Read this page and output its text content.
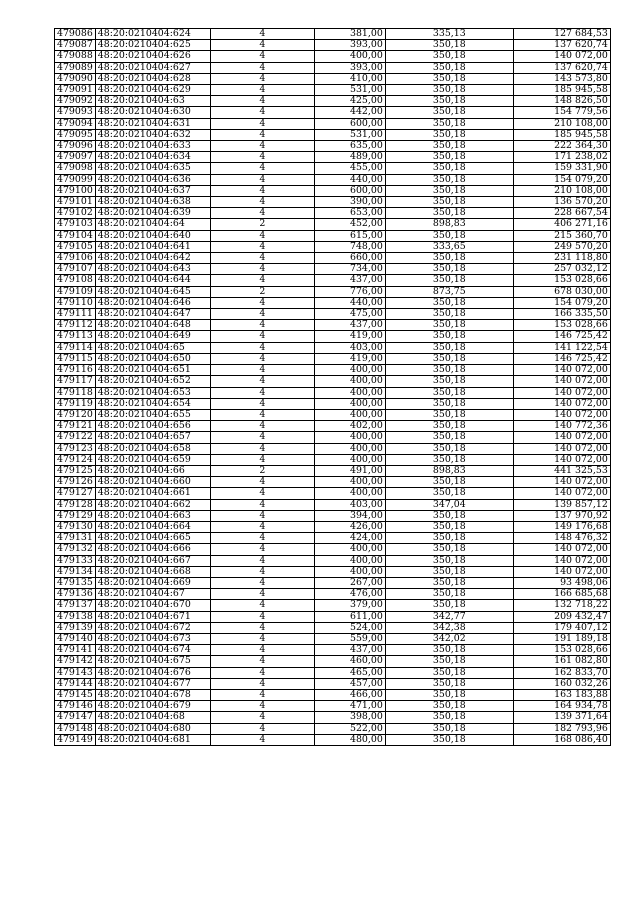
479086	48:20:0210404:624	4	381,00	335,13	127 684,53
479087	48:20:0210404:625	4	393,00	350,18	137 620,74
479088	48:20:0210404:626	4	400,00	350,18	140 072,00
479089	48:20:0210404:627	4	393,00	350,18	137 620,74
479090	48:20:0210404:628	4	410,00	350,18	143 573,80
479091	48:20:0210404:629	4	531,00	350,18	185 945,58
479092	48:20:0210404:63	4	425,00	350,18	148 826,50
479093	48:20:0210404:630	4	442,00	350,18	154 779,56
479094	48:20:0210404:631	4	600,00	350,18	210 108,00
479095	48:20:0210404:632	4	531,00	350,18	185 945,58
479096	48:20:0210404:633	4	635,00	350,18	222 364,30
479097	48:20:0210404:634	4	489,00	350,18	171 238,02
479098	48:20:0210404:635	4	455,00	350,18	159 331,90
479099	48:20:0210404:636	4	440,00	350,18	154 079,20
479100	48:20:0210404:637	4	600,00	350,18	210 108,00
479101	48:20:0210404:638	4	390,00	350,18	136 570,20
479102	48:20:0210404:639	4	653,00	350,18	228 667,54
479103	48:20:0210404:64	2	452,00	898,83	406 271,16
479104	48:20:0210404:640	4	615,00	350,18	215 360,70
479105	48:20:0210404:641	4	748,00	333,65	249 570,20
479106	48:20:0210404:642	4	660,00	350,18	231 118,80
479107	48:20:0210404:643	4	734,00	350,18	257 032,12
479108	48:20:0210404:644	4	437,00	350,18	153 028,66
479109	48:20:0210404:645	2	776,00	873,75	678 030,00
479110	48:20:0210404:646	4	440,00	350,18	154 079,20
479111	48:20:0210404:647	4	475,00	350,18	166 335,50
479112	48:20:0210404:648	4	437,00	350,18	153 028,66
479113	48:20:0210404:649	4	419,00	350,18	146 725,42
479114	48:20:0210404:65	4	403,00	350,18	141 122,54
479115	48:20:0210404:650	4	419,00	350,18	146 725,42
479116	48:20:0210404:651	4	400,00	350,18	140 072,00
479117	48:20:0210404:652	4	400,00	350,18	140 072,00
479118	48:20:0210404:653	4	400,00	350,18	140 072,00
479119	48:20:0210404:654	4	400,00	350,18	140 072,00
479120	48:20:0210404:655	4	400,00	350,18	140 072,00
479121	48:20:0210404:656	4	402,00	350,18	140 772,36
479122	48:20:0210404:657	4	400,00	350,18	140 072,00
479123	48:20:0210404:658	4	400,00	350,18	140 072,00
479124	48:20:0210404:659	4	400,00	350,18	140 072,00
479125	48:20:0210404:66	2	491,00	898,83	441 325,53
479126	48:20:0210404:660	4	400,00	350,18	140 072,00
479127	48:20:0210404:661	4	400,00	350,18	140 072,00
479128	48:20:0210404:662	4	403,00	347,04	139 857,12
479129	48:20:0210404:663	4	394,00	350,18	137 970,92
479130	48:20:0210404:664	4	426,00	350,18	149 176,68
479131	48:20:0210404:665	4	424,00	350,18	148 476,32
479132	48:20:0210404:666	4	400,00	350,18	140 072,00
479133	48:20:0210404:667	4	400,00	350,18	140 072,00
479134	48:20:0210404:668	4	400,00	350,18	140 072,00
479135	48:20:0210404:669	4	267,00	350,18	93 498,06
479136	48:20:0210404:67	4	476,00	350,18	166 685,68
479137	48:20:0210404:670	4	379,00	350,18	132 718,22
479138	48:20:0210404:671	4	611,00	342,77	209 432,47
479139	48:20:0210404:672	4	524,00	342,38	179 407,12
479140	48:20:0210404:673	4	559,00	342,02	191 189,18
479141	48:20:0210404:674	4	437,00	350,18	153 028,66
479142	48:20:0210404:675	4	460,00	350,18	161 082,80
479143	48:20:0210404:676	4	465,00	350,18	162 833,70
479144	48:20:0210404:677	4	457,00	350,18	160 032,26
479145	48:20:0210404:678	4	466,00	350,18	163 183,88
479146	48:20:0210404:679	4	471,00	350,18	164 934,78
479147	48:20:0210404:68	4	398,00	350,18	139 371,64
479148	48:20:0210404:680	4	522,00	350,18	182 793,96
479149	48:20:0210404:681	4	480,00	350,18	168 086,40
